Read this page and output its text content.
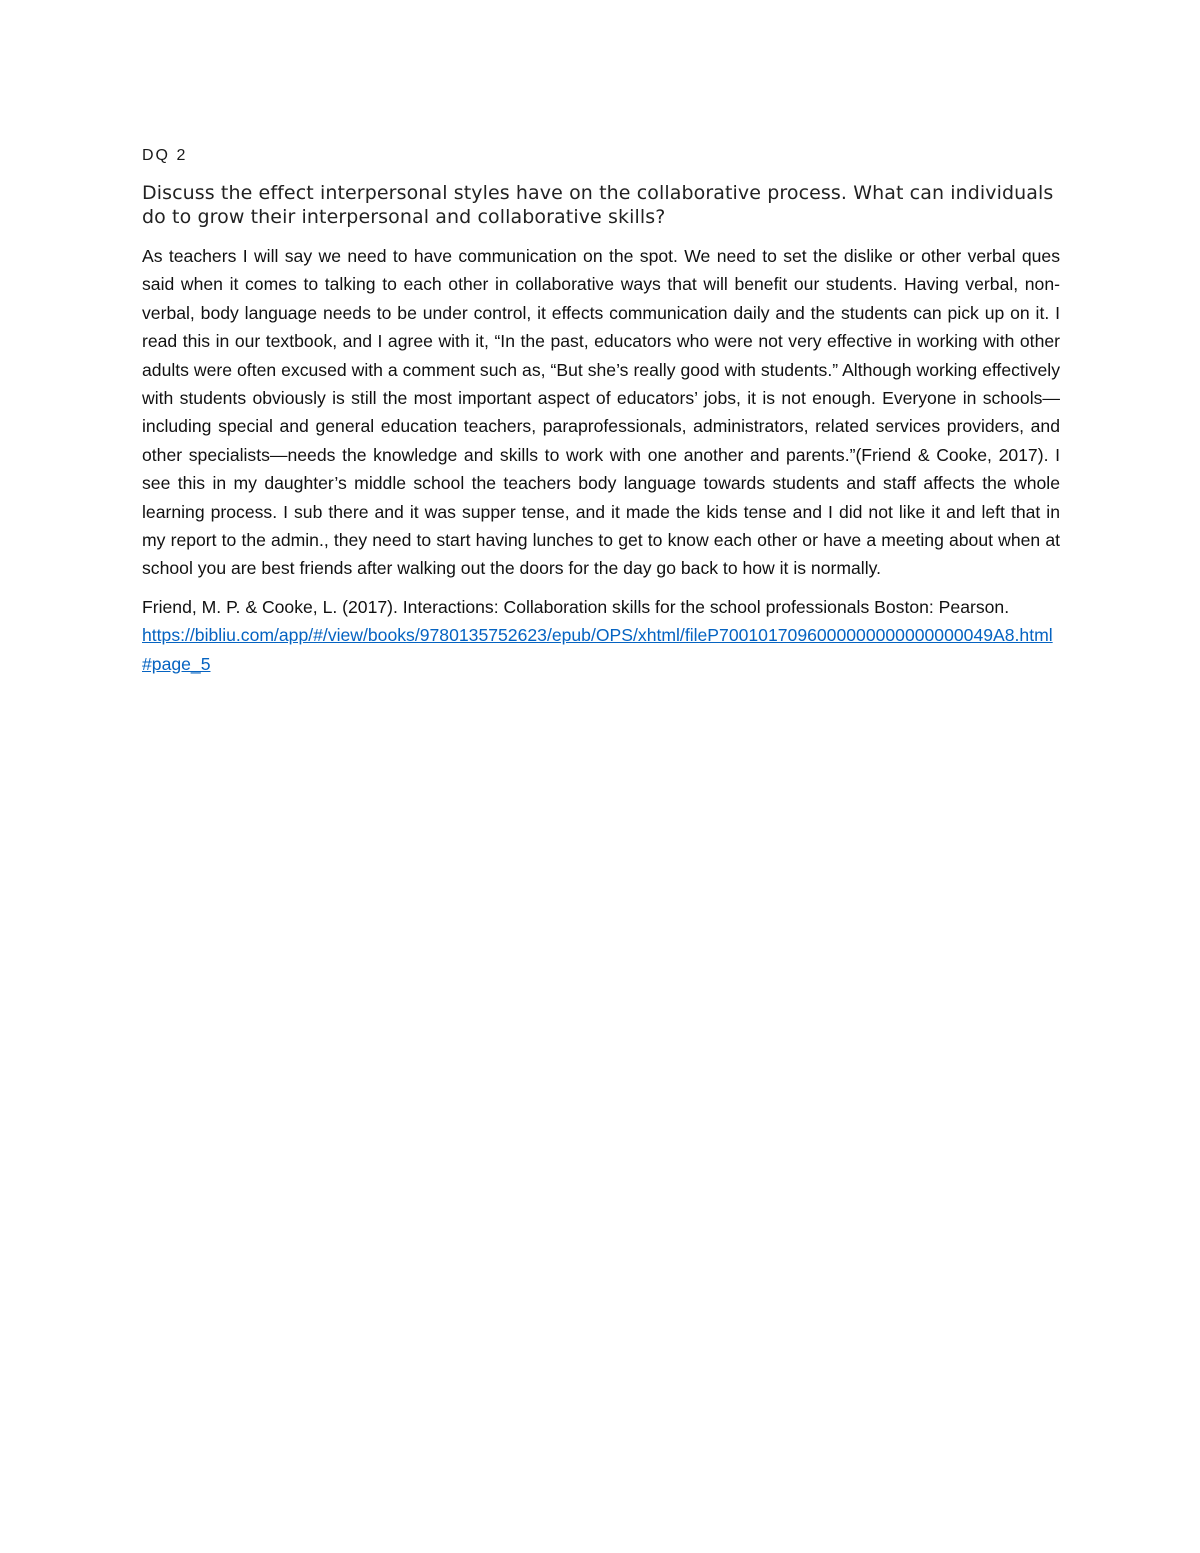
DQ 2
Discuss the effect interpersonal styles have on the collaborative process. What can individuals do to grow their interpersonal and collaborative skills?
As teachers I will say we need to have communication on the spot. We need to set the dislike or other verbal ques said when it comes to talking to each other in collaborative ways that will benefit our students. Having verbal, non-verbal, body language needs to be under control, it effects communication daily and the students can pick up on it. I read this in our textbook, and I agree with it, “In the past, educators who were not very effective in working with other adults were often excused with a comment such as, “But she’s really good with students.” Although working effectively with students obviously is still the most important aspect of educators’ jobs, it is not enough. Everyone in schools—including special and general education teachers, paraprofessionals, administrators, related services providers, and other specialists—needs the knowledge and skills to work with one another and parents.”(Friend & Cooke, 2017). I see this in my daughter’s middle school the teachers body language towards students and staff affects the whole learning process. I sub there and it was supper tense, and it made the kids tense and I did not like it and left that in my report to the admin., they need to start having lunches to get to know each other or have a meeting about when at school you are best friends after walking out the doors for the day go back to how it is normally.
Friend, M. P. & Cooke, L. (2017). Interactions: Collaboration skills for the school professionals Boston: Pearson.
https://bibliu.com/app/#/view/books/9780135752623/epub/OPS/xhtml/fileP7001017096000000000000000049A8.html#page_5
